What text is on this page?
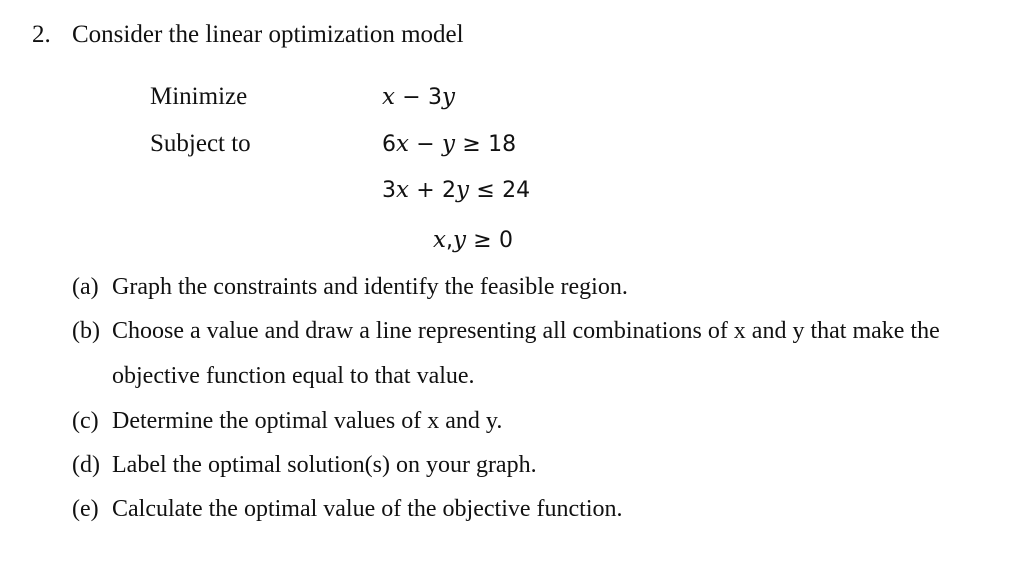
2. Consider the linear optimization model
Minimize	x − 3y
Subject to	6x − y ≥ 18
3x + 2y ≤ 24
x,y ≥ 0
(a) Graph the constraints and identify the feasible region.
(b) Choose a value and draw a line representing all combinations of x and y that make the
objective function equal to that value.
(c) Determine the optimal values of x and y.
(d) Label the optimal solution(s) on your graph.
(e) Calculate the optimal value of the objective function.
